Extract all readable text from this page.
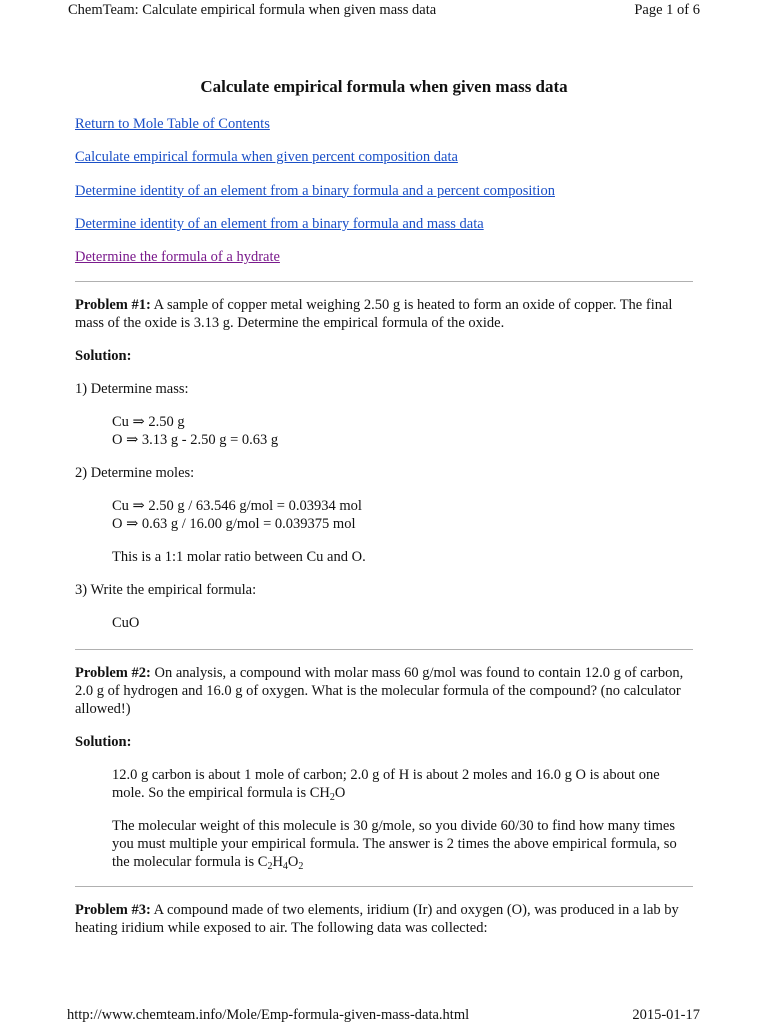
ChemTeam: Calculate empirical formula when given mass data	Page 1 of 6
Calculate empirical formula when given mass data
Return to Mole Table of Contents
Calculate empirical formula when given percent composition data
Determine identity of an element from a binary formula and a percent composition
Determine identity of an element from a binary formula and mass data
Determine the formula of a hydrate

Problem #1: A sample of copper metal weighing 2.50 g is heated to form an oxide of copper. The final mass of the oxide is 3.13 g. Determine the empirical formula of the oxide.

Solution:

1) Determine mass:

Cu ⇒ 2.50 g

O ⇒ 3.13 g - 2.50 g = 0.63 g

2) Determine moles:

Cu ⇒ 2.50 g / 63.546 g/mol = 0.03934 mol

O ⇒ 0.63 g / 16.00 g/mol = 0.039375 mol

This is a 1:1 molar ratio between Cu and O.

3) Write the empirical formula:

CuO

Problem #2: On analysis, a compound with molar mass 60 g/mol was found to contain 12.0 g of carbon, 2.0 g of hydrogen and 16.0 g of oxygen. What is the molecular formula of the compound? (no calculator allowed!)

Solution:

12.0 g carbon is about 1 mole of carbon; 2.0 g of H is about 2 moles and 16.0 g O is about one mole. So the empirical formula is $CH_2O$

The molecular weight of this molecule is 30 g/mole, so you divide 60/30 to find how many times you must multiple your empirical formula. The answer is 2 times the above empirical formula, so the molecular formula is $C_2H_4O_2$

Problem #3: A compound made of two elements, iridium (Ir) and oxygen (O), was produced in a lab by heating iridium while exposed to air. The following data was collected:

http://www.chemteam.info/Mole/Emp-formula-given-mass-data.html	2015-01-17
